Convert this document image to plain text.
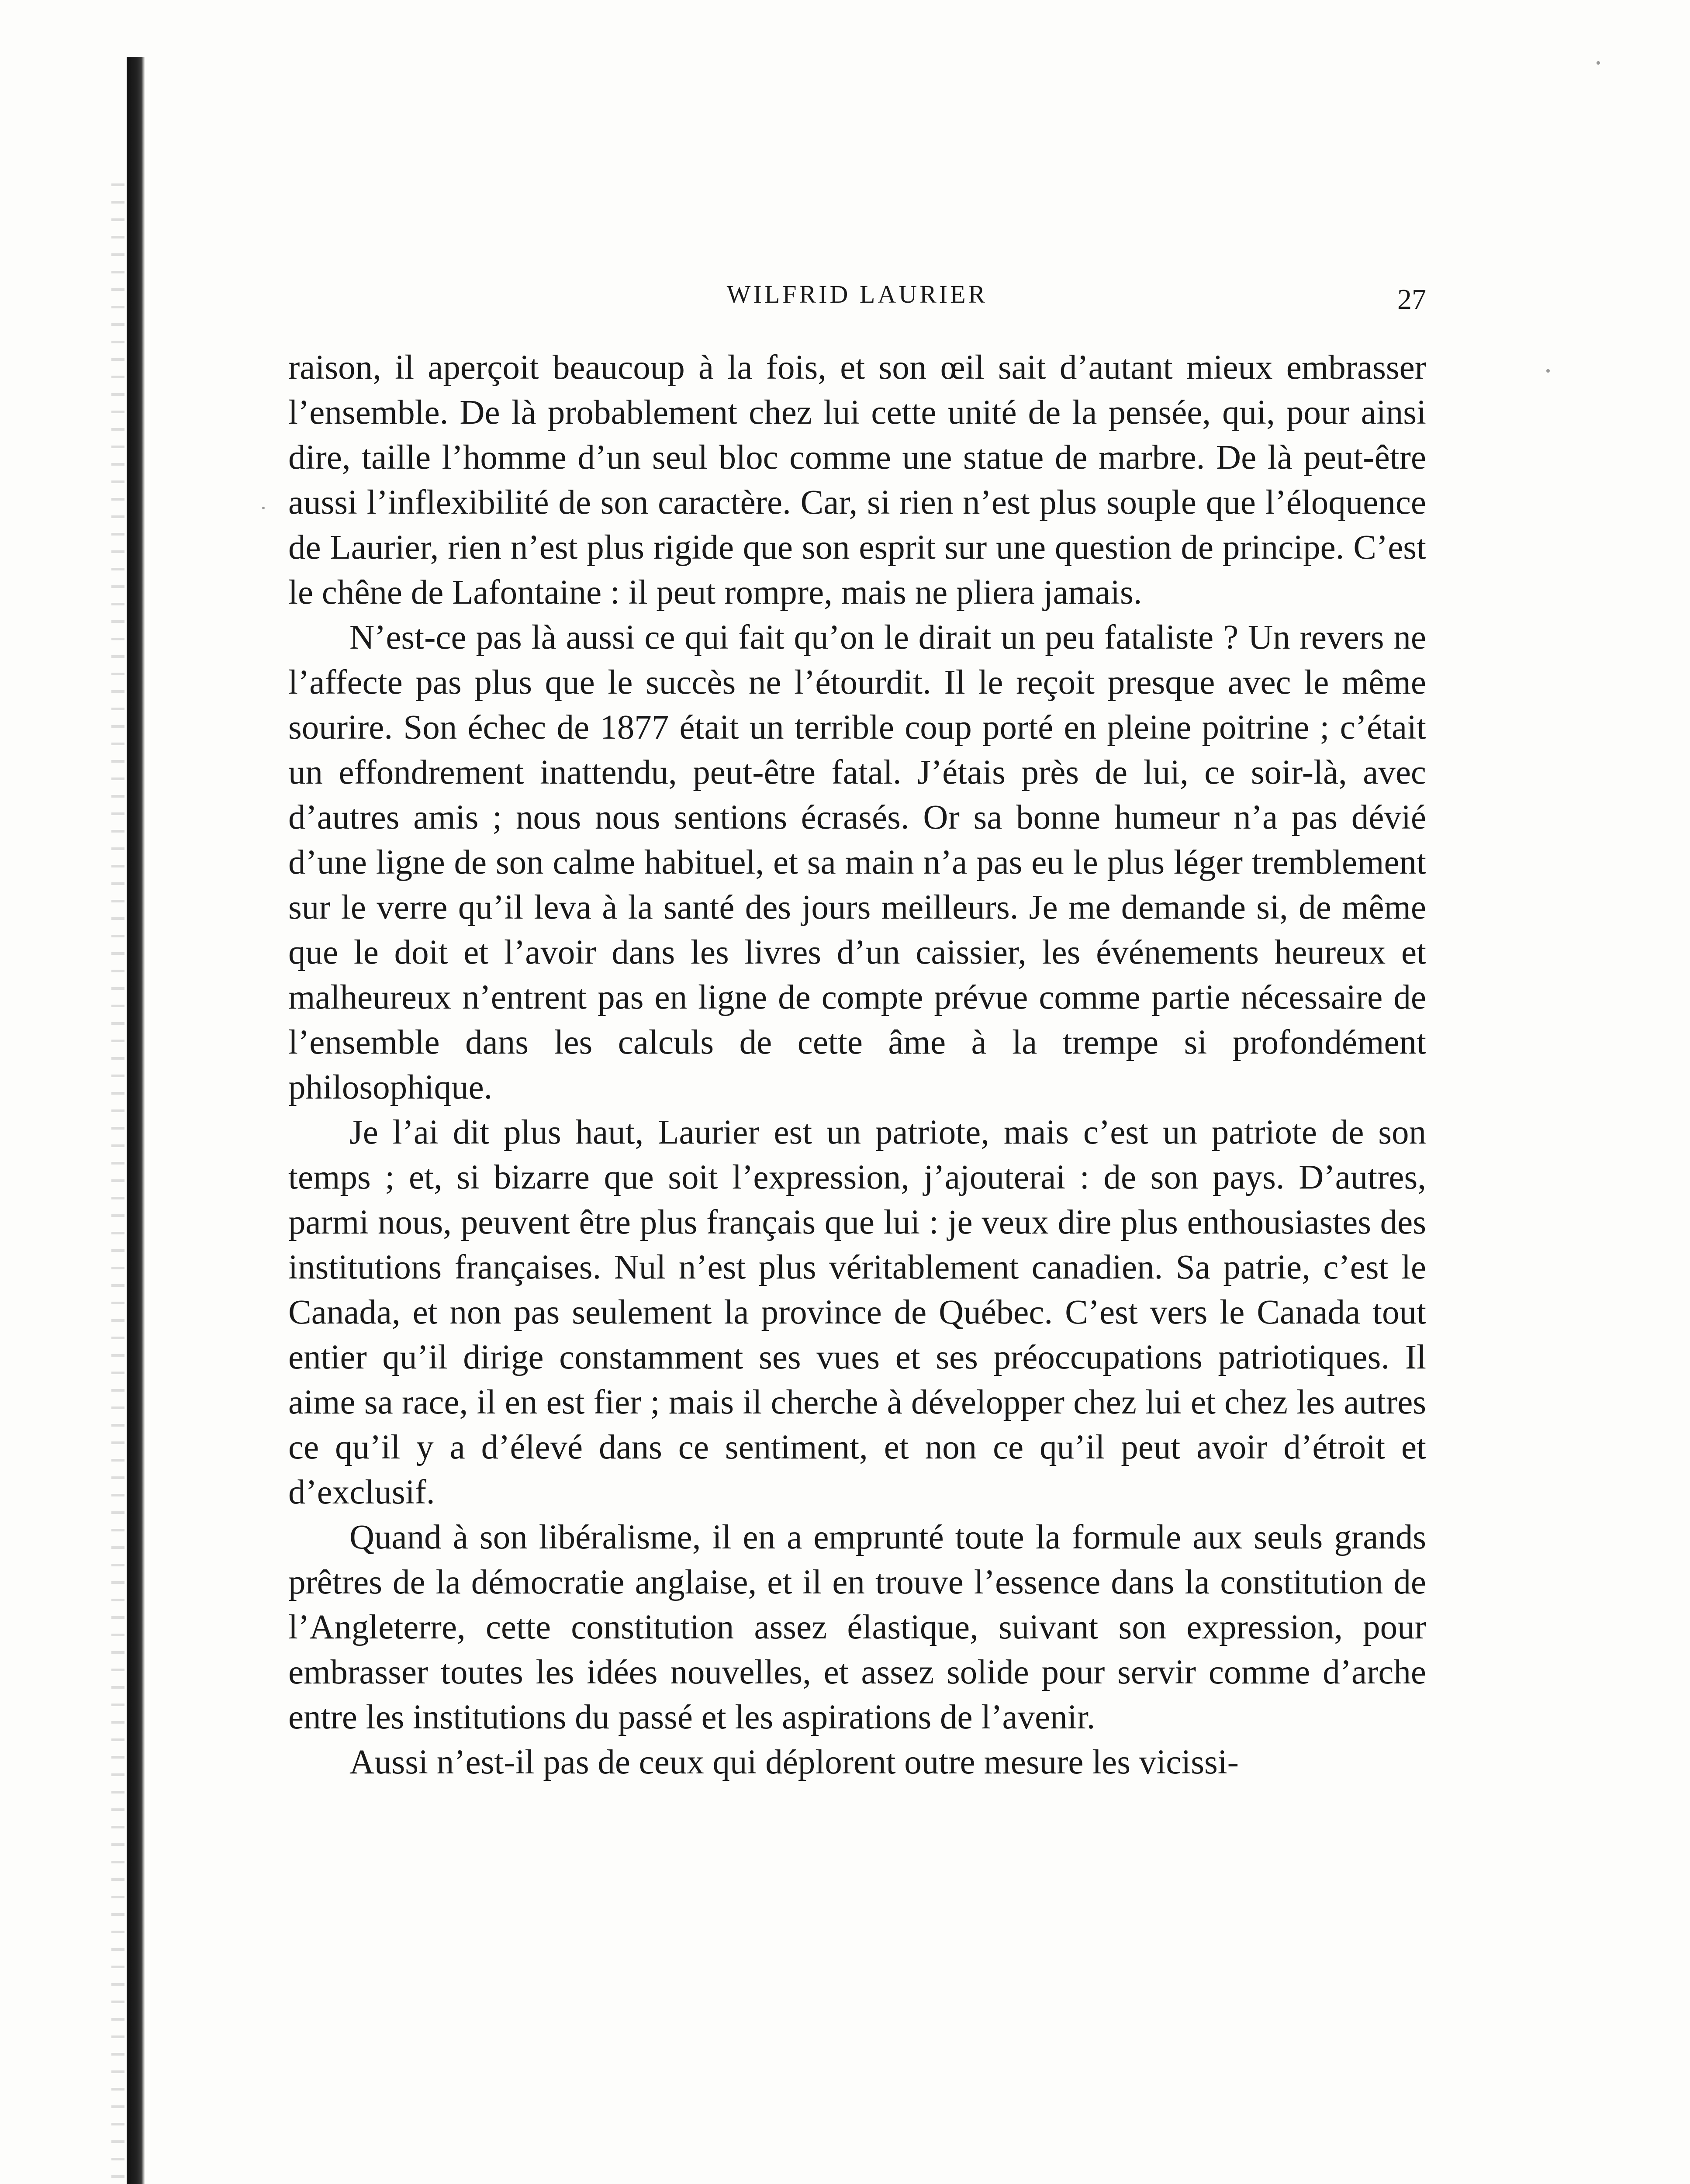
WILFRID LAURIER	27

raison, il aperçoit beaucoup à la fois, et son œil sait d’autant mieux embrasser l’ensemble. De là probablement chez lui cette unité de la pensée, qui, pour ainsi dire, taille l’homme d’un seul bloc comme une statue de marbre. De là peut-être aussi l’inflexibilité de son caractère. Car, si rien n’est plus souple que l’éloquence de Laurier, rien n’est plus rigide que son esprit sur une question de principe. C’est le chêne de Lafontaine : il peut rompre, mais ne pliera jamais.

N’est-ce pas là aussi ce qui fait qu’on le dirait un peu fataliste ? Un revers ne l’affecte pas plus que le succès ne l’étourdit. Il le reçoit presque avec le même sourire. Son échec de 1877 était un terrible coup porté en pleine poitrine ; c’était un effondrement inattendu, peut-être fatal. J’étais près de lui, ce soir-là, avec d’autres amis ; nous nous sentions écrasés. Or sa bonne humeur n’a pas dévié d’une ligne de son calme habituel, et sa main n’a pas eu le plus léger tremblement sur le verre qu’il leva à la santé des jours meilleurs. Je me demande si, de même que le doit et l’avoir dans les livres d’un caissier, les événements heureux et malheureux n’entrent pas en ligne de compte prévue comme partie nécessaire de l’ensemble dans les calculs de cette âme à la trempe si profondément philosophique.

Je l’ai dit plus haut, Laurier est un patriote, mais c’est un patriote de son temps ; et, si bizarre que soit l’expression, j’ajouterai : de son pays. D’autres, parmi nous, peuvent être plus français que lui : je veux dire plus enthousiastes des institutions françaises. Nul n’est plus véritablement canadien. Sa patrie, c’est le Canada, et non pas seulement la province de Québec. C’est vers le Canada tout entier qu’il dirige constamment ses vues et ses préoccupations patriotiques. Il aime sa race, il en est fier ; mais il cherche à développer chez lui et chez les autres ce qu’il y a d’élevé dans ce sentiment, et non ce qu’il peut avoir d’étroit et d’exclusif.

Quand à son libéralisme, il en a emprunté toute la formule aux seuls grands prêtres de la démocratie anglaise, et il en trouve l’essence dans la constitution de l’Angleterre, cette constitution assez élastique, suivant son expression, pour embrasser toutes les idées nouvelles, et assez solide pour servir comme d’arche entre les institutions du passé et les aspirations de l’avenir.

Aussi n’est-il pas de ceux qui déplorent outre mesure les vicissi-
